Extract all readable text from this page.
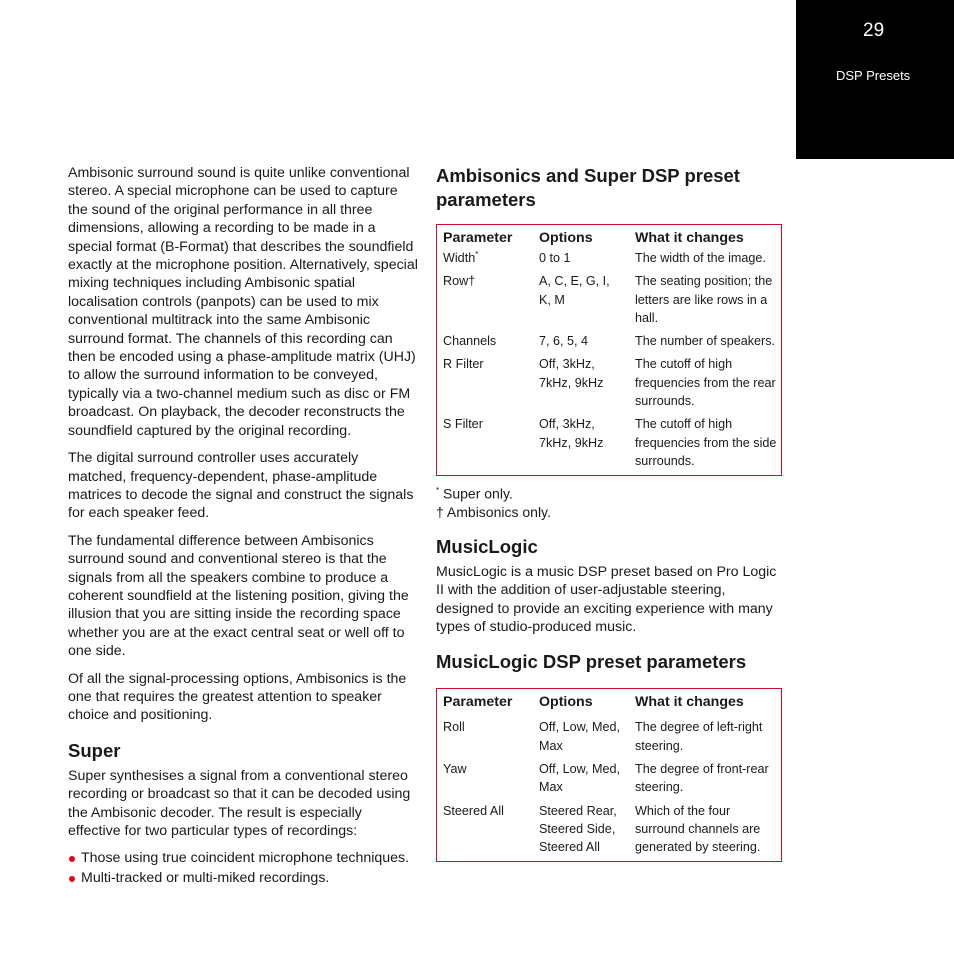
29
DSP Presets

Ambisonic surround sound is quite unlike conventional stereo. A special microphone can be used to capture the sound of the original performance in all three dimensions, allowing a recording to be made in a special format (B-Format) that describes the soundfield exactly at the microphone position. Alternatively, special mixing techniques including Ambisonic spatial localisation controls (panpots) can be used to mix conventional multitrack into the same Ambisonic surround format. The channels of this recording can then be encoded using a phase-amplitude matrix (UHJ) to allow the surround information to be conveyed, typically via a two-channel medium such as disc or FM broadcast. On playback, the decoder reconstructs the soundfield captured by the original recording.

The digital surround controller uses accurately matched, frequency-dependent, phase-amplitude matrices to decode the signal and construct the signals for each speaker feed.

The fundamental difference between Ambisonics surround sound and conventional stereo is that the signals from all the speakers combine to produce a coherent soundfield at the listening position, giving the illusion that you are sitting inside the recording space whether you are at the exact central seat or well off to one side.

Of all the signal-processing options, Ambisonics is the one that requires the greatest attention to speaker choice and positioning.

Super

Super synthesises a signal from a conventional stereo recording or broadcast so that it can be decoded using the Ambisonic decoder. The result is especially effective for two particular types of recordings:

Those using true coincident microphone techniques.
Multi-tracked or multi-miked recordings.
Ambisonics and Super DSP preset parameters
Parameter	Options	What it changes
Width*	0 to 1	The width of the image.
Row†	A, C, E, G, I, K, M	The seating position; the letters are like rows in a hall.
Channels	7, 6, 5, 4	The number of speakers.
R Filter	Off, 3kHz, 7kHz, 9kHz	The cutoff of high frequencies from the rear surrounds.
S Filter	Off, 3kHz, 7kHz, 9kHz	The cutoff of high frequencies from the side surrounds.
* Super only.
† Ambisonics only.
MusicLogic

MusicLogic is a music DSP preset based on Pro Logic II with the addition of user-adjustable steering, designed to provide an exciting experience with many types of studio-produced music.

MusicLogic DSP preset parameters
Parameter	Options	What it changes
Roll	Off, Low, Med, Max	The degree of left-right steering.
Yaw	Off, Low, Med, Max	The degree of front-rear steering.
Steered All	Steered Rear, Steered Side, Steered All	Which of the four surround channels are generated by steering.
